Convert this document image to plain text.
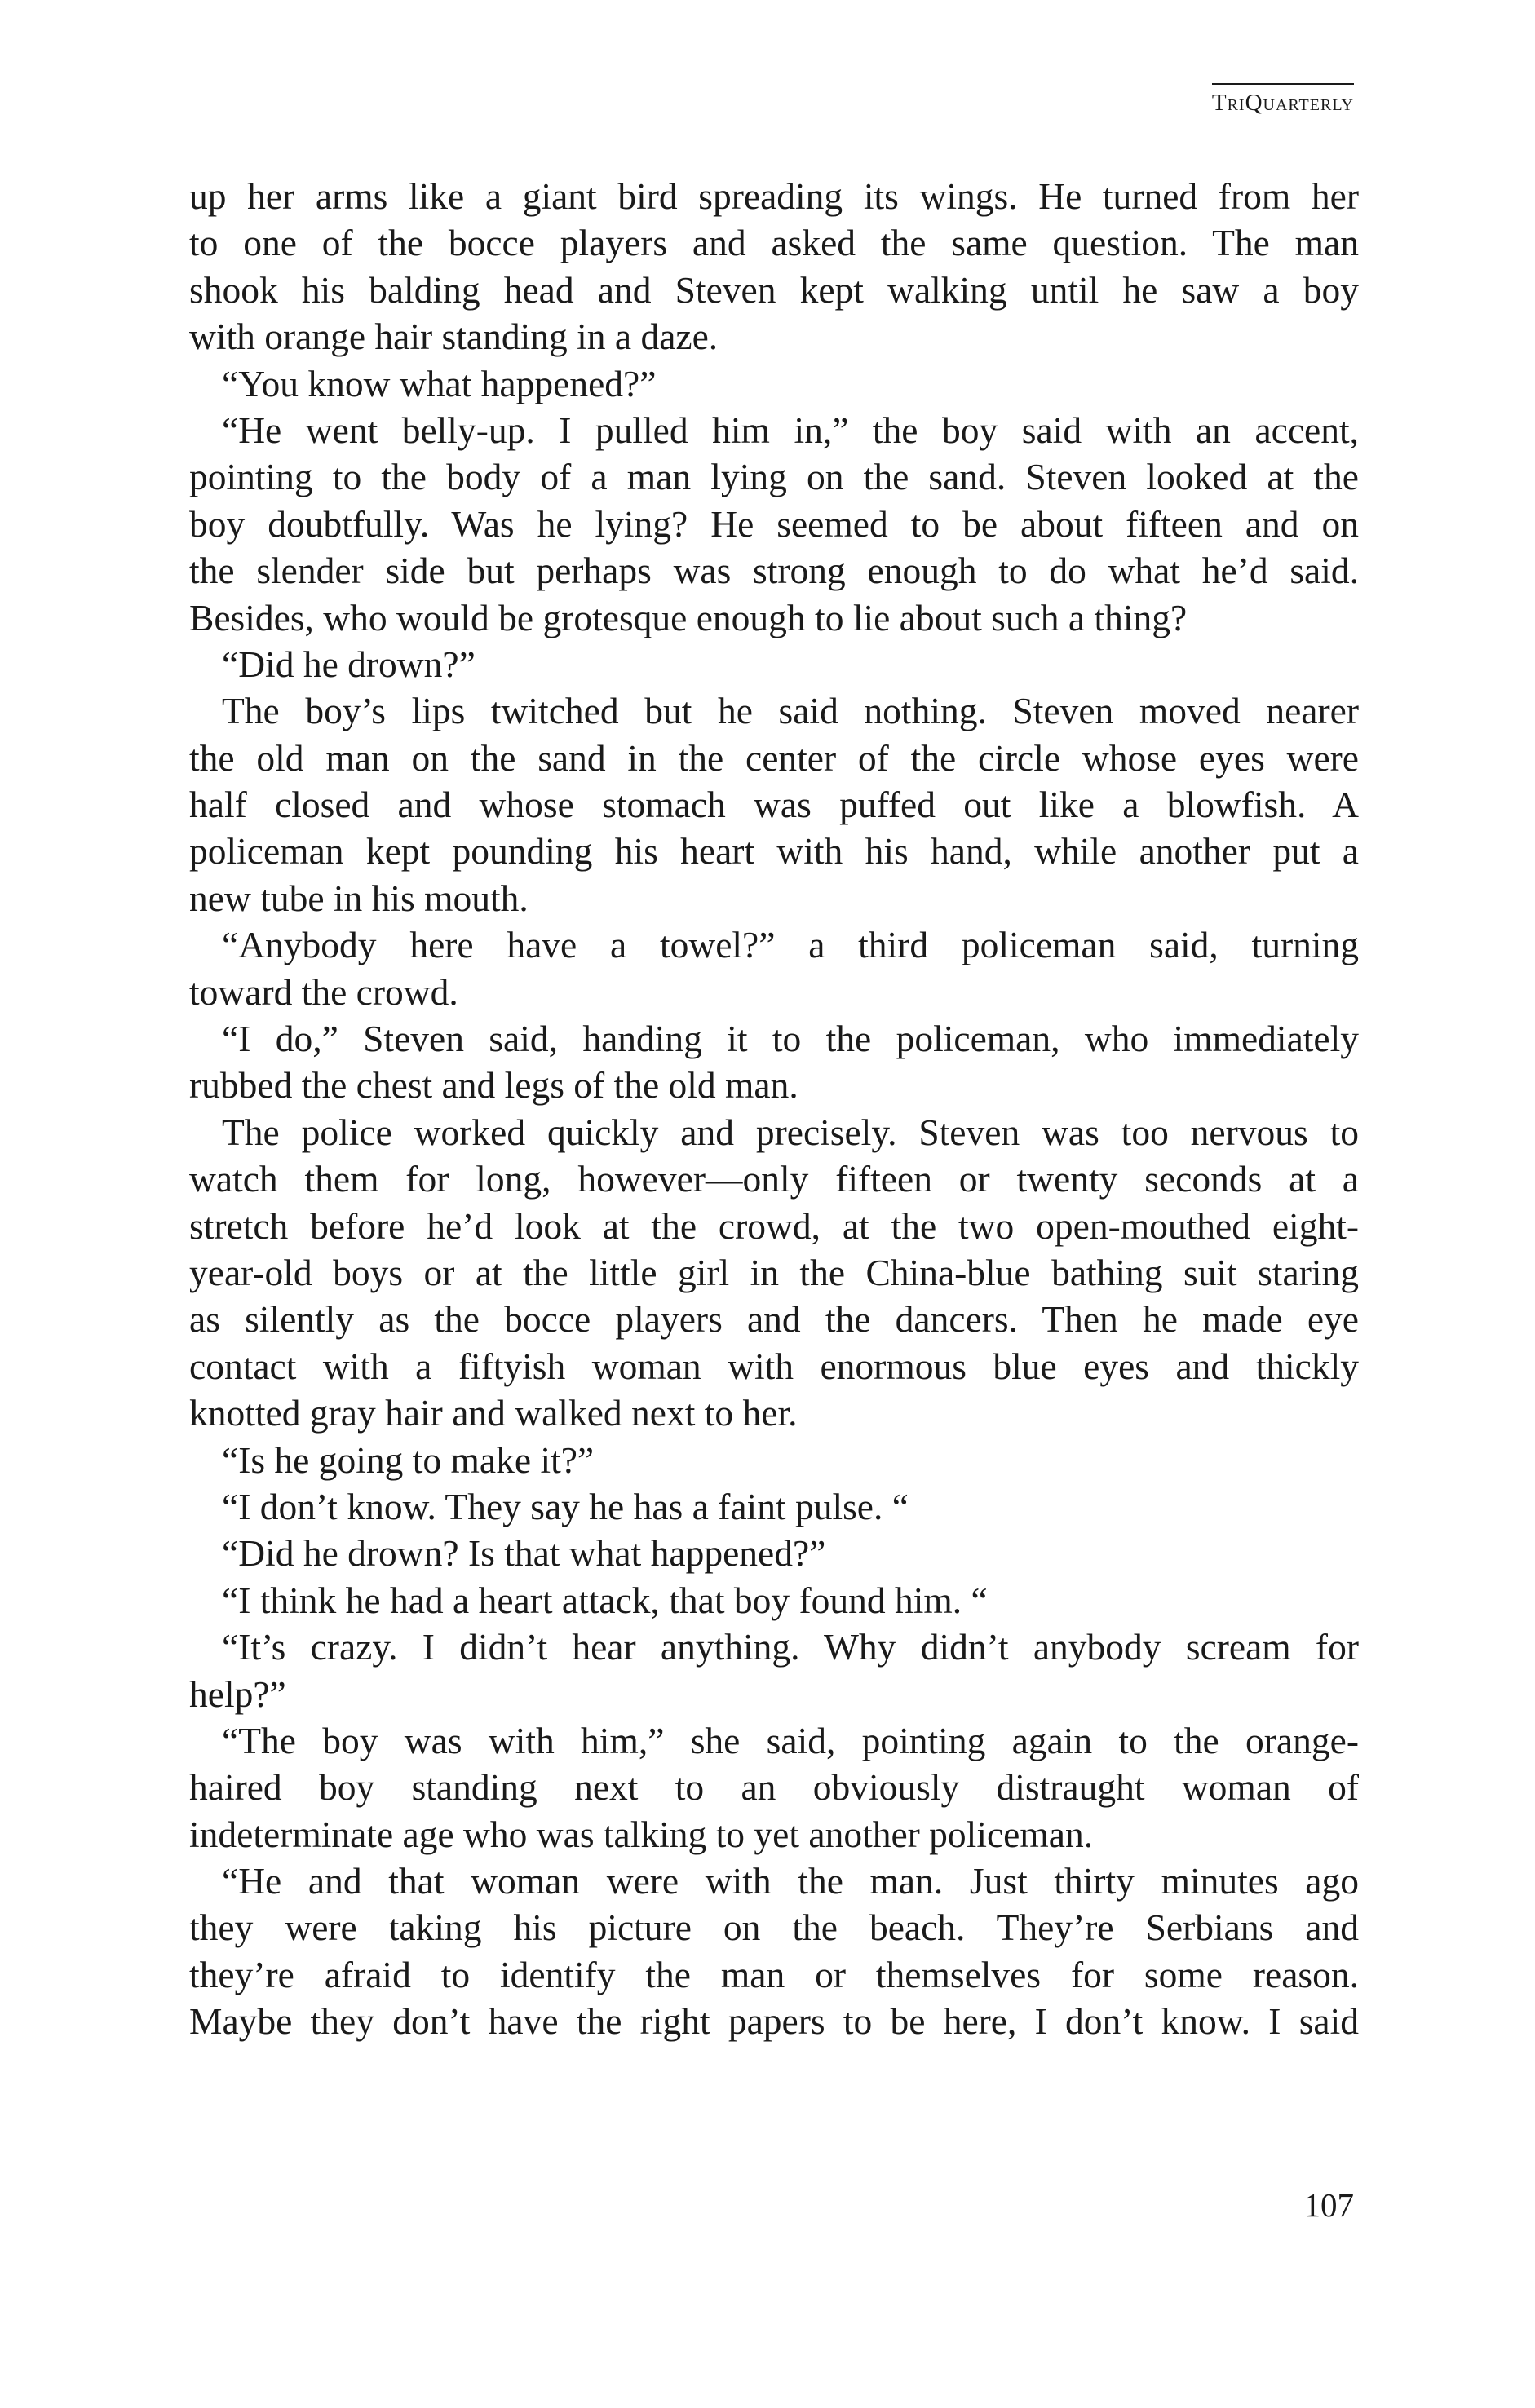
TriQuarterly
up her arms like a giant bird spreading its wings. He turned from her
to one of the bocce players and asked the same question. The man
shook his balding head and Steven kept walking until he saw a boy
with orange hair standing in a daze.
“You know what happened?”
“He went belly-up. I pulled him in,” the boy said with an accent,
pointing to the body of a man lying on the sand. Steven looked at the
boy doubtfully. Was he lying? He seemed to be about fifteen and on
the slender side but perhaps was strong enough to do what he’d said.
Besides, who would be grotesque enough to lie about such a thing?
“Did he drown?”
The boy’s lips twitched but he said nothing. Steven moved nearer
the old man on the sand in the center of the circle whose eyes were
half closed and whose stomach was puffed out like a blowfish. A
policeman kept pounding his heart with his hand, while another put a
new tube in his mouth.
“Anybody here have a towel?” a third policeman said, turning
toward the crowd.
“I do,” Steven said, handing it to the policeman, who immediately
rubbed the chest and legs of the old man.
The police worked quickly and precisely. Steven was too nervous to
watch them for long, however—only fifteen or twenty seconds at a
stretch before he’d look at the crowd, at the two open-mouthed eight-
year-old boys or at the little girl in the China-blue bathing suit staring
as silently as the bocce players and the dancers. Then he made eye
contact with a fiftyish woman with enormous blue eyes and thickly
knotted gray hair and walked next to her.
“Is he going to make it?”
“I don’t know. They say he has a faint pulse. “
“Did he drown? Is that what happened?”
“I think he had a heart attack, that boy found him. “
“It’s crazy. I didn’t hear anything. Why didn’t anybody scream for
help?”
“The boy was with him,” she said, pointing again to the orange-
haired boy standing next to an obviously distraught woman of
indeterminate age who was talking to yet another policeman.
“He and that woman were with the man. Just thirty minutes ago
they were taking his picture on the beach. They’re Serbians and
they’re afraid to identify the man or themselves for some reason.
Maybe they don’t have the right papers to be here, I don’t know. I said
107
